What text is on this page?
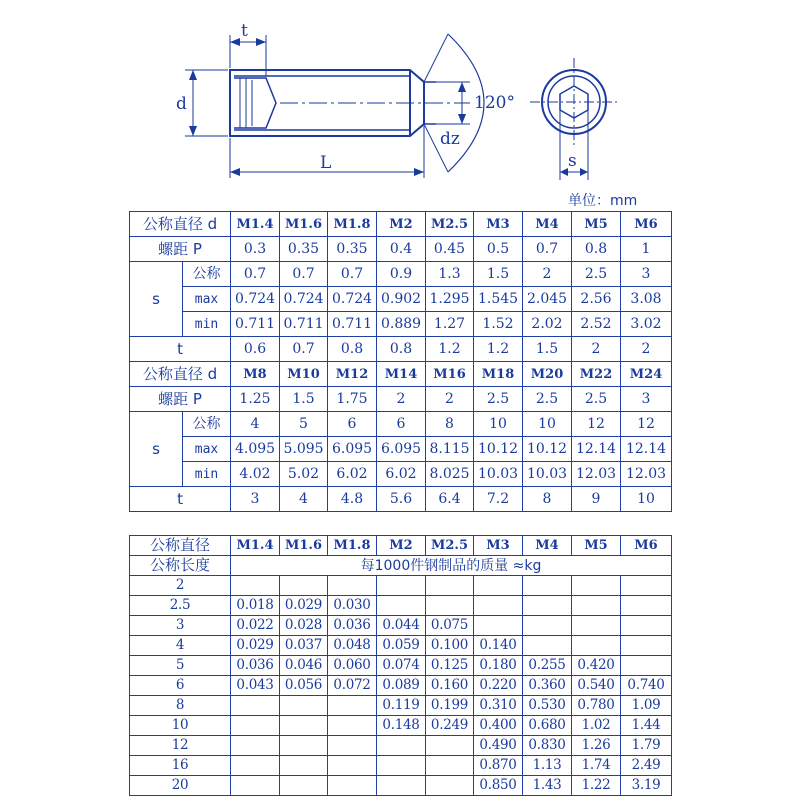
t
d
L
120°
dz
s
单位：mm
公称直径 d		M1.4	M1.6	M1.8	M2	M2.5	M3	M4	M5	M6
螺距 P		0.3	0.35	0.35	0.4	0.45	0.5	0.7	0.8	1
s	公称	0.7	0.7	0.7	0.9	1.3	1.5	2	2.5	3
	max	0.724	0.724	0.724	0.902	1.295	1.545	2.045	2.56	3.08
	min	0.711	0.711	0.711	0.889	1.27	1.52	2.02	2.52	3.02
t		0.6	0.7	0.8	0.8	1.2	1.2	1.5	2	2
公称直径 d		M8	M10	M12	M14	M16	M18	M20	M22	M24
螺距 P		1.25	1.5	1.75	2	2	2.5	2.5	2.5	3
s	公称	4	5	6	6	8	10	10	12	12
	max	4.095	5.095	6.095	6.095	8.115	10.12	10.12	12.14	12.14
	min	4.02	5.02	6.02	6.02	8.025	10.03	10.03	12.03	12.03
t		3	4	4.8	5.6	6.4	7.2	8	9	10
公称直径	M1.4	M1.6	M1.8	M2	M2.5	M3	M4	M5	M6
公称长度	每1000件钢制品的质量 ≈kg								
2									
2.5	0.018	0.029	0.030						
3	0.022	0.028	0.036	0.044	0.075				
4	0.029	0.037	0.048	0.059	0.100	0.140			
5	0.036	0.046	0.060	0.074	0.125	0.180	0.255	0.420	
6	0.043	0.056	0.072	0.089	0.160	0.220	0.360	0.540	0.740
8				0.119	0.199	0.310	0.530	0.780	1.09
10				0.148	0.249	0.400	0.680	1.02	1.44
12						0.490	0.830	1.26	1.79
16						0.870	1.13	1.74	2.49
20						0.850	1.43	1.22	3.19
